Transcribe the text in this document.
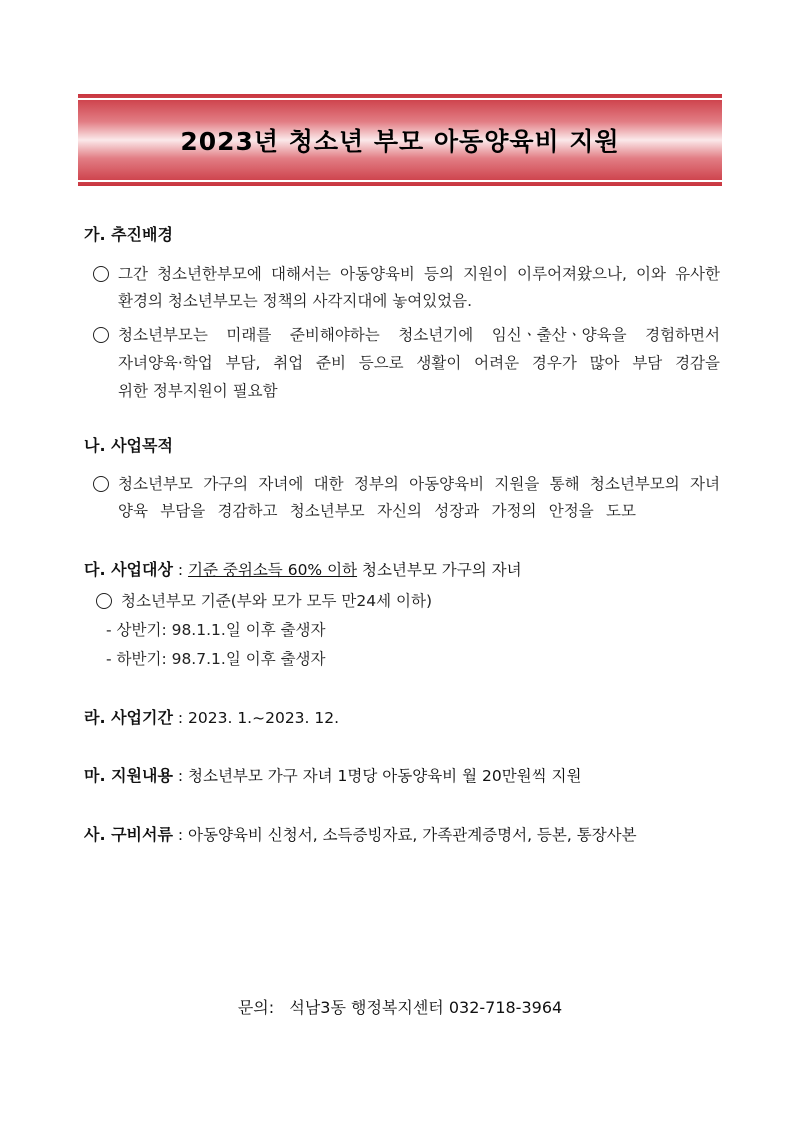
2023년 청소년 부모 아동양육비 지원
가. 추진배경
그간 청소년한부모에 대해서는 아동양육비 등의 지원이 이루어져왔으나, 이와 유사한
환경의 청소년부모는 정책의 사각지대에 놓여있었음.
청소년부모는 미래를 준비해야하는 청소년기에 임신ㆍ출산ㆍ양육을 경험하면서
자녀양육·학업 부담, 취업 준비 등으로 생활이 어려운 경우가 많아 부담 경감을
위한 정부지원이 필요함
나. 사업목적
청소년부모 가구의 자녀에 대한 정부의 아동양육비 지원을 통해 청소년부모의 자녀
양육 부담을 경감하고 청소년부모 자신의 성장과 가정의 안정을 도모
다. 사업대상 : 기준 중위소득 60% 이하 청소년부모 가구의 자녀
청소년부모 기준(부와 모가 모두 만24세 이하)
- 상반기: 98.1.1.일 이후 출생자
- 하반기: 98.7.1.일 이후 출생자
라. 사업기간 : 2023. 1.~2023. 12.
마. 지원내용 : 청소년부모 가구 자녀 1명당 아동양육비 월 20만원씩 지원
사. 구비서류 : 아동양육비 신청서, 소득증빙자료, 가족관계증명서, 등본, 통장사본
문의:   석남3동 행정복지센터 032-718-3964
